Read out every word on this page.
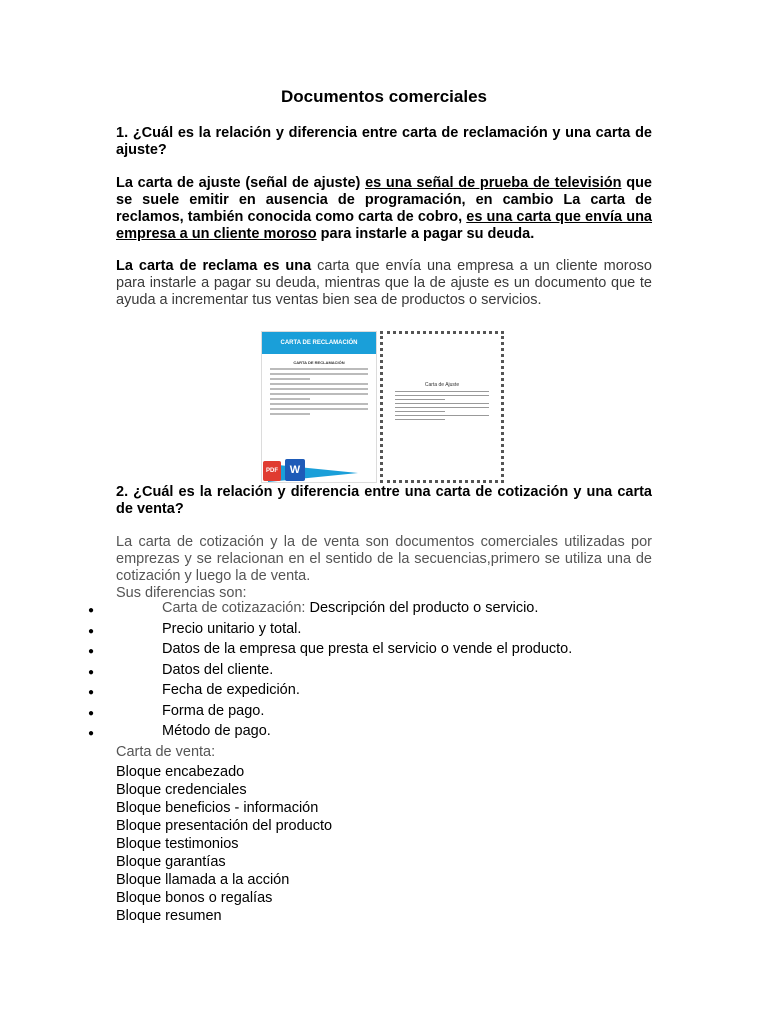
Documentos comerciales
1. ¿Cuál es la relación y diferencia entre carta de reclamación y una carta de ajuste?
La carta de ajuste (señal de ajuste) es una señal de prueba de televisión que se suele emitir en ausencia de programación, en cambio La carta de reclamos, también conocida como carta de cobro, es una carta que envía una empresa a un cliente moroso para instarle a pagar su deuda.
La carta de reclama es una carta que envía una empresa a un cliente moroso para instarle a pagar su deuda, mientras que la de ajuste es un documento que te ayuda a incrementar tus ventas bien sea de productos o servicios.
CARTA DE RECLAMACIÓN
CARTA DE RECLAMACIÓN
PDF	W
Carta de Ajuste
2. ¿Cuál es la relación y diferencia entre una carta de cotización y una carta de venta?
La carta de cotización y la de venta son documentos comerciales utilizadas por emprezas y se relacionan en el sentido de la secuencias,primero se utiliza una de cotización y luego la de venta.
Sus diferencias son:
●	Carta de cotizazación: Descripción del producto o servicio.
●	Precio unitario y total.
●	Datos de la empresa que presta el servicio o vende el producto.
●	Datos del cliente.
●	Fecha de expedición.
●	Forma de pago.
●	Método de pago.
Carta de venta:
Bloque encabezado
Bloque credenciales
Bloque beneficios - información
Bloque presentación del producto
Bloque testimonios
Bloque garantías
Bloque llamada a la acción
Bloque bonos o regalías
Bloque resumen
